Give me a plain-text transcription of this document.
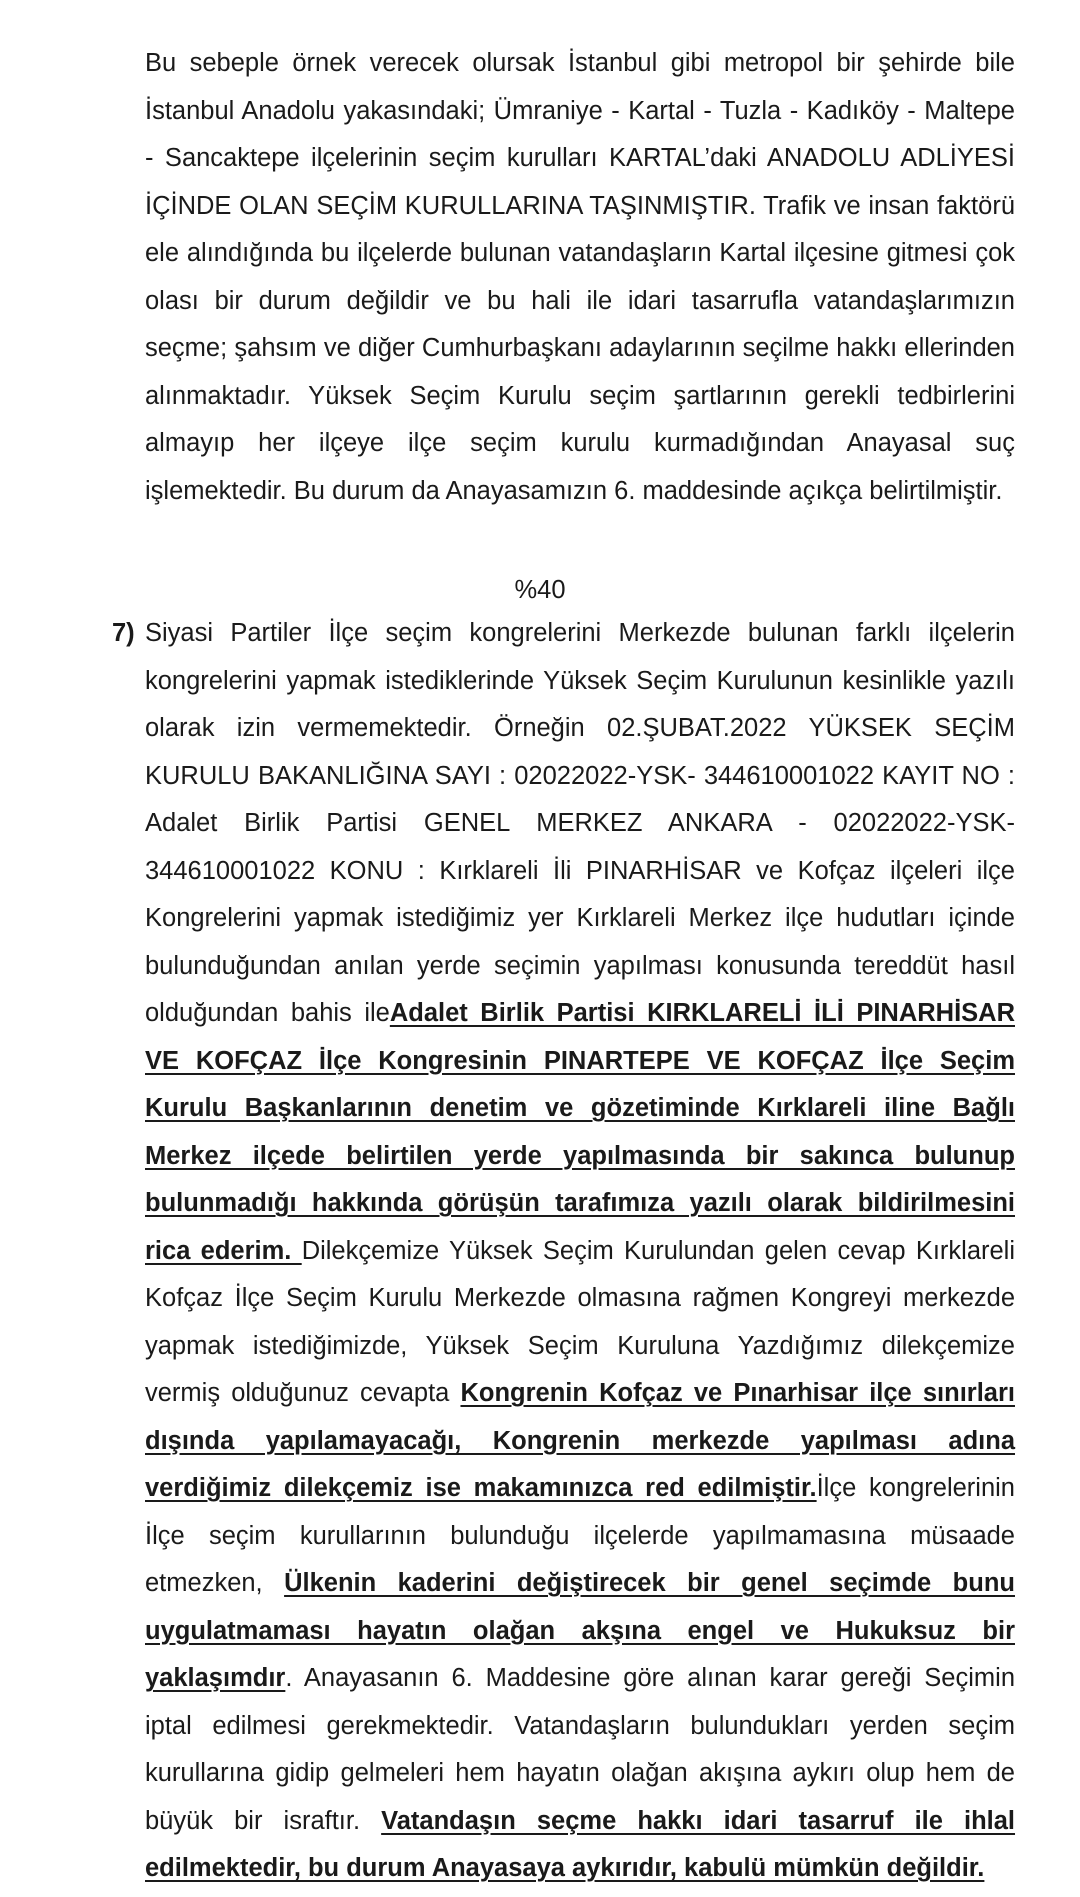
Bu sebeple örnek verecek olursak İstanbul gibi metropol bir şehirde bile İstanbul Anadolu yakasındaki; Ümraniye - Kartal - Tuzla - Kadıköy - Maltepe - Sancaktepe ilçelerinin seçim kurulları KARTAL’daki ANADOLU ADLİYESİ İÇİNDE OLAN SEÇİM KURULLARINA TAŞINMIŞTIR. Trafik ve insan faktörü ele alındığında bu ilçelerde bulunan vatandaşların Kartal ilçesine gitmesi çok olası bir durum değildir ve bu hali ile idari tasarrufla vatandaşlarımızın seçme; şahsım ve diğer Cumhurbaşkanı adaylarının seçilme hakkı ellerinden alınmaktadır. Yüksek Seçim Kurulu seçim şartlarının gerekli tedbirlerini almayıp her ilçeye ilçe seçim kurulu kurmadığından Anayasal suç işlemektedir. Bu durum da Anayasamızın 6. maddesinde açıkça belirtilmiştir.

%40

7) Siyasi Partiler İlçe seçim kongrelerini Merkezde bulunan farklı ilçelerin kongrelerini yapmak istediklerinde Yüksek Seçim Kurulunun kesinlikle yazılı olarak izin vermemektedir. Örneğin 02.ŞUBAT.2022 YÜKSEK SEÇİM KURULU BAKANLIĞINA SAYI : 02022022-YSK- 344610001022 KAYIT NO : Adalet Birlik Partisi GENEL MERKEZ ANKARA - 02022022-YSK-344610001022 KONU : Kırklareli İli PINARHİSAR ve Kofçaz ilçeleri ilçe Kongrelerini yapmak istediğimiz yer Kırklareli Merkez ilçe hudutları içinde bulunduğundan anılan yerde seçimin yapılması konusunda tereddüt hasıl olduğundan bahis ileAdalet Birlik Partisi KIRKLARELİ İLİ PINARHİSAR VE KOFÇAZ İlçe Kongresinin PINARTEPE VE KOFÇAZ İlçe Seçim Kurulu Başkanlarının denetim ve gözetiminde Kırklareli iline Bağlı Merkez ilçede belirtilen yerde yapılmasında bir sakınca bulunup bulunmadığı hakkında görüşün tarafımıza yazılı olarak bildirilmesini rica ederim. Dilekçemize Yüksek Seçim Kurulundan gelen cevap Kırklareli Kofçaz İlçe Seçim Kurulu Merkezde olmasına rağmen Kongreyi merkezde yapmak istediğimizde, Yüksek Seçim Kuruluna Yazdığımız dilekçemize vermiş olduğunuz cevapta Kongrenin Kofçaz ve Pınarhisar ilçe sınırları dışında yapılamayacağı, Kongrenin merkezde yapılması adına verdiğimiz dilekçemiz ise makamınızca red edilmiştir.İlçe kongrelerinin İlçe seçim kurullarının bulunduğu ilçelerde yapılmamasına müsaade etmezken, Ülkenin kaderini değiştirecek bir genel seçimde bunu uygulatmaması hayatın olağan akşına engel ve Hukuksuz bir yaklaşımdır. Anayasanın 6. Maddesine göre alınan karar gereği Seçimin iptal edilmesi gerekmektedir. Vatandaşların bulundukları yerden seçim kurullarına gidip gelmeleri hem hayatın olağan akışına aykırı olup hem de büyük bir israftır. Vatandaşın seçme hakkı idari tasarruf ile ihlal edilmektedir, bu durum Anayasaya aykırıdır, kabulü mümkün değildir.
